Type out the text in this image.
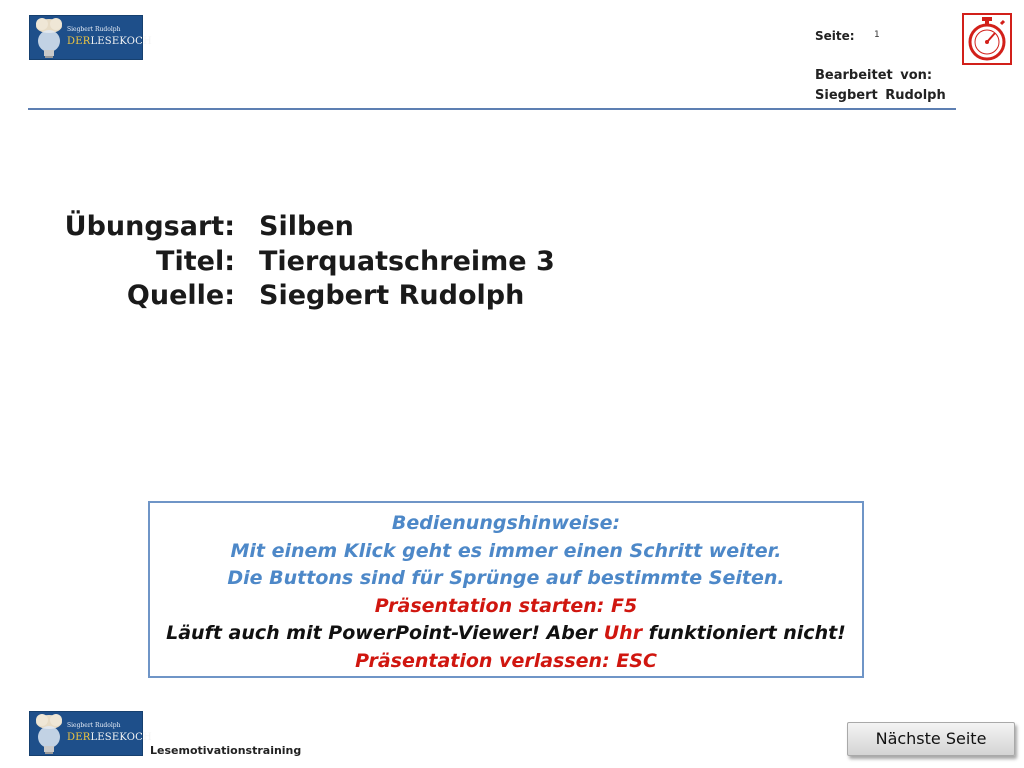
Siegbert Rudolph
DERLESEKOCH	Seite: 1
Bearbeitet von:
Siegbert Rudolph
Übungsart: Silben
Titel: Tierquatschreime 3
Quelle: Siegbert Rudolph
Bedienungshinweise:
Mit einem Klick geht es immer einen Schritt weiter.
Die Buttons sind für Sprünge auf bestimmte Seiten.
Präsentation starten: F5
Läuft auch mit PowerPoint-Viewer! Aber Uhr funktioniert nicht!
Präsentation verlassen: ESC
Siegbert Rudolph
DERLESEKOCH
Lesemotivationstraining
Nächste Seite
